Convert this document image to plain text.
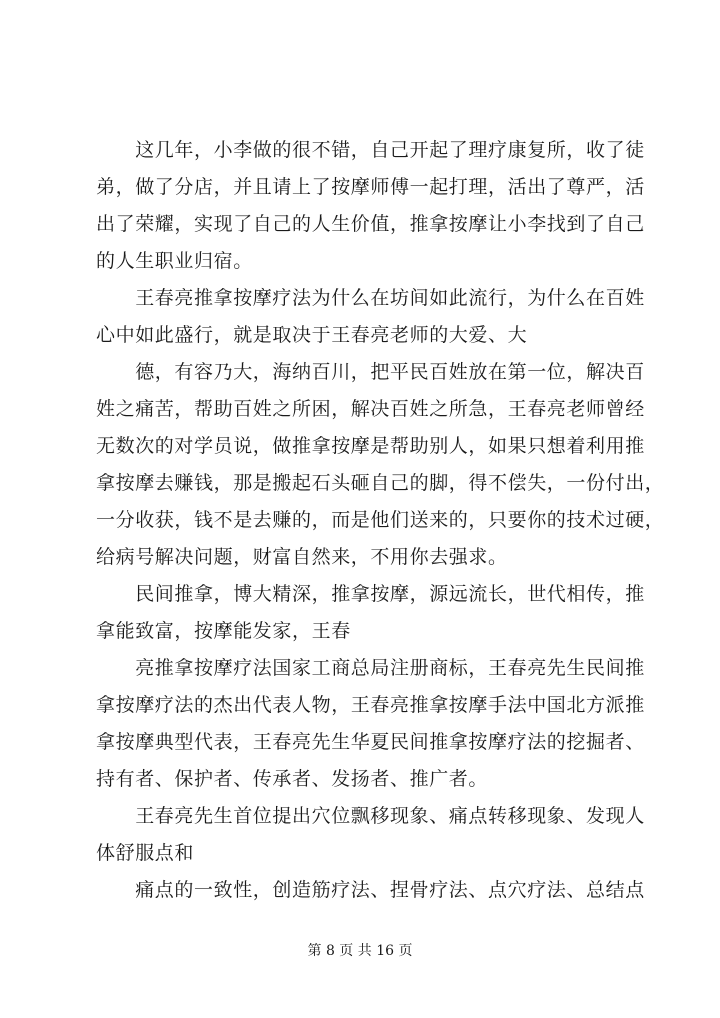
　　这几年，小李做的很不错，自己开起了理疗康复所，收了徒
弟，做了分店，并且请上了按摩师傅一起打理，活出了尊严，活
出了荣耀，实现了自己的人生价值，推拿按摩让小李找到了自己
的人生职业归宿。
　　王春亮推拿按摩疗法为什么在坊间如此流行，为什么在百姓
心中如此盛行，就是取决于王春亮老师的大爱、大
　　德，有容乃大，海纳百川，把平民百姓放在第一位，解决百
姓之痛苦，帮助百姓之所困，解决百姓之所急，王春亮老师曾经
无数次的对学员说，做推拿按摩是帮助别人，如果只想着利用推
拿按摩去赚钱，那是搬起石头砸自己的脚，得不偿失，一份付出，
一分收获，钱不是去赚的，而是他们送来的，只要你的技术过硬，
给病号解决问题，财富自然来，不用你去强求。
　　民间推拿，博大精深，推拿按摩，源远流长，世代相传，推
拿能致富，按摩能发家，王春
　　亮推拿按摩疗法国家工商总局注册商标，王春亮先生民间推
拿按摩疗法的杰出代表人物，王春亮推拿按摩手法中国北方派推
拿按摩典型代表，王春亮先生华夏民间推拿按摩疗法的挖掘者、
持有者、保护者、传承者、发扬者、推广者。
　　王春亮先生首位提出穴位飘移现象、痛点转移现象、发现人
体舒服点和
　　痛点的一致性，创造筋疗法、捏骨疗法、点穴疗法、总结点
第 8 页 共 16 页
